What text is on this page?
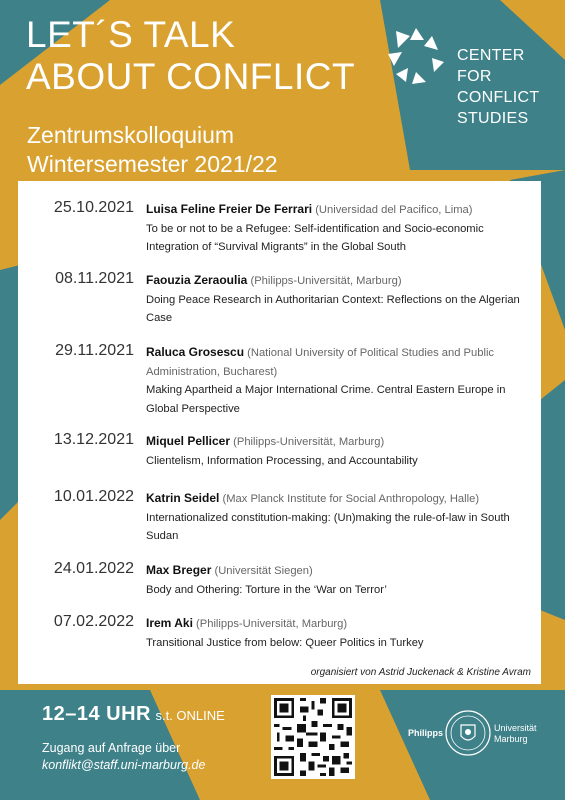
LET´S TALK
ABOUT CONFLICT
Zentrumskolloquium
Wintersemester 2021/22
CENTER
FOR
CONFLICT
STUDIES
25.10.2021 Luisa Feline Freier De Ferrari (Universidad del Pacifico, Lima)
To be or not to be a Refugee: Self-identification and Socio-economic Integration of “Survival Migrants” in the Global South
08.11.2021 Faouzia Zeraoulia (Philipps-Universität, Marburg)
Doing Peace Research in Authoritarian Context: Reflections on the Algerian Case
29.11.2021 Raluca Grosescu (National University of Political Studies and Public Administration, Bucharest)
Making Apartheid a Major International Crime. Central Eastern Europe in Global Perspective
13.12.2021 Miquel Pellicer (Philipps-Universität, Marburg)
Clientelism, Information Processing, and Accountability
10.01.2022 Katrin Seidel (Max Planck Institute for Social Anthropology, Halle)
Internationalized constitution-making: (Un)making the rule-of-law in South Sudan
24.01.2022 Max Breger (Universität Siegen)
Body and Othering: Torture in the ‘War on Terror’
07.02.2022 Irem Aki (Philipps-Universität, Marburg)
Transitional Justice from below: Queer Politics in Turkey
organisiert von Astrid Juckenack & Kristine Avram
12–14 UHR s.t. ONLINE
Zugang auf Anfrage über
konflikt@staff.uni-marburg.de
Philipps	Universität
Marburg
